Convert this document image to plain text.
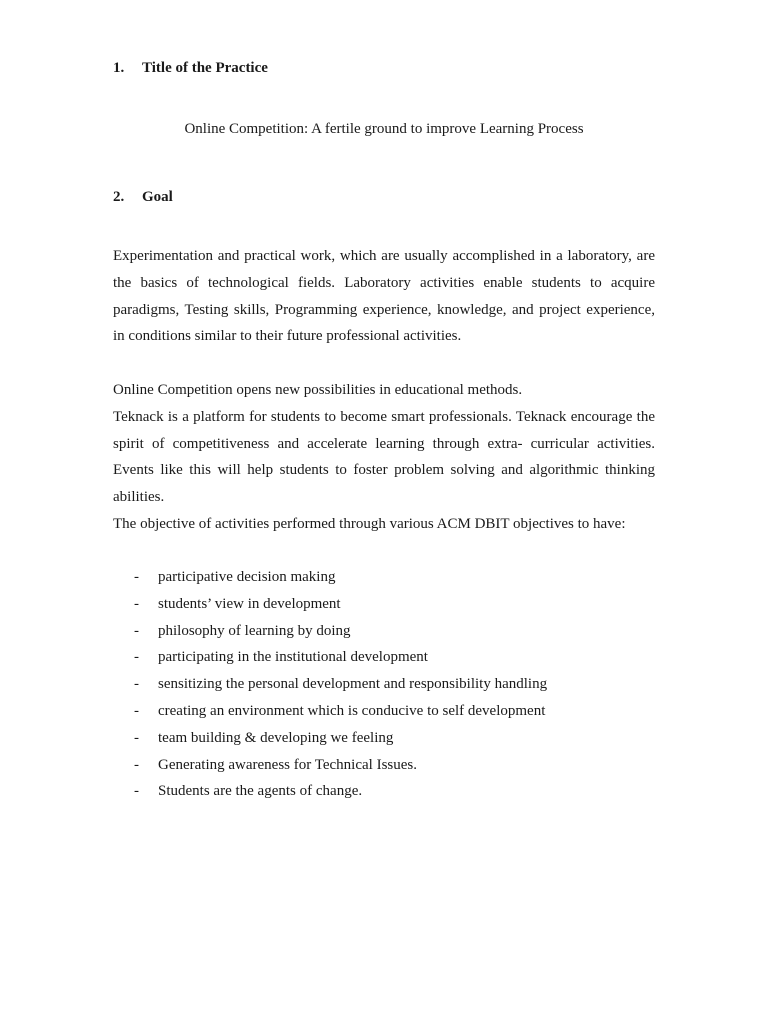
1.	Title of the Practice
Online Competition: A fertile ground to improve Learning Process
2.	Goal

Experimentation and practical work, which are usually accomplished in a laboratory, are the basics of technological fields. Laboratory activities enable students to acquire paradigms, Testing skills, Programming experience, knowledge, and project experience, in conditions similar to their future professional activities.

Online Competition opens new possibilities in educational methods.
Teknack is a platform for students to become smart professionals. Teknack encourage the spirit of competitiveness and accelerate learning through extra- curricular activities. Events like this will help students to foster problem solving and algorithmic thinking abilities.
The objective of activities performed through various ACM DBIT objectives to have:
-	participative decision making
-	students’ view in development
-	philosophy of learning by doing
-	participating in the institutional development
-	sensitizing the personal development and responsibility handling
-	creating an environment which is conducive to self development
-	team building & developing we feeling
-	Generating awareness for Technical Issues.
-	Students are the agents of change.
